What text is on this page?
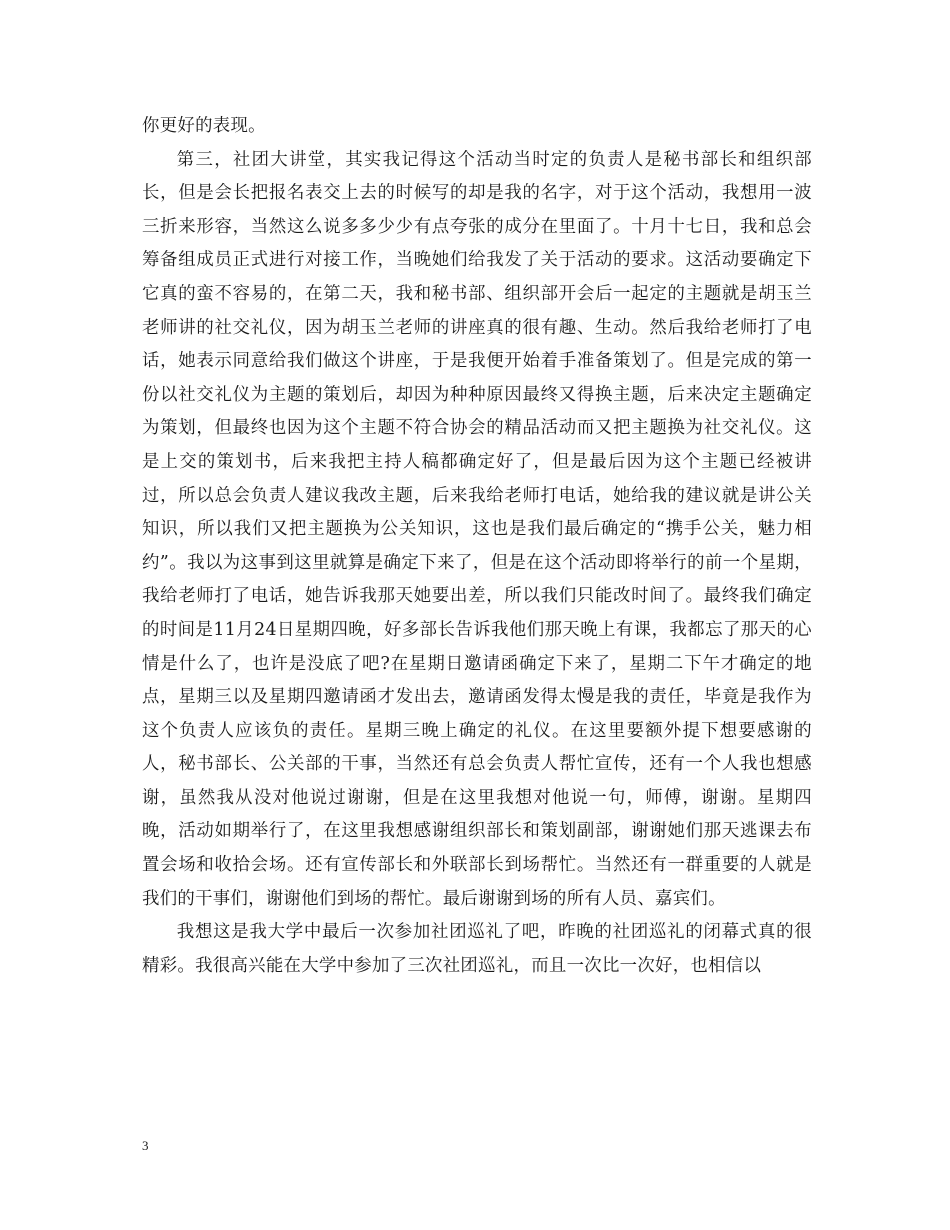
你更好的表现。

第三，社团大讲堂，其实我记得这个活动当时定的负责人是秘书部长和组织部长，但是会长把报名表交上去的时候写的却是我的名字，对于这个活动，我想用一波三折来形容，当然这么说多多少少有点夸张的成分在里面了。十月十七日，我和总会筹备组成员正式进行对接工作，当晚她们给我发了关于活动的要求。这活动要确定下它真的蛮不容易的，在第二天，我和秘书部、组织部开会后一起定的主题就是胡玉兰老师讲的社交礼仪，因为胡玉兰老师的讲座真的很有趣、生动。然后我给老师打了电话，她表示同意给我们做这个讲座，于是我便开始着手准备策划了。但是完成的第一份以社交礼仪为主题的策划后，却因为种种原因最终又得换主题，后来决定主题确定为策划，但最终也因为这个主题不符合协会的精品活动而又把主题换为社交礼仪。这是上交的策划书，后来我把主持人稿都确定好了，但是最后因为这个主题已经被讲过，所以总会负责人建议我改主题，后来我给老师打电话，她给我的建议就是讲公关知识，所以我们又把主题换为公关知识，这也是我们最后确定的“携手公关，魅力相约”。我以为这事到这里就算是确定下来了，但是在这个活动即将举行的前一个星期，我给老师打了电话，她告诉我那天她要出差，所以我们只能改时间了。最终我们确定的时间是11月24日星期四晚，好多部长告诉我他们那天晚上有课，我都忘了那天的心情是什么了，也许是没底了吧?在星期日邀请函确定下来了，星期二下午才确定的地点，星期三以及星期四邀请函才发出去，邀请函发得太慢是我的责任，毕竟是我作为这个负责人应该负的责任。星期三晚上确定的礼仪。在这里要额外提下想要感谢的人，秘书部长、公关部的干事，当然还有总会负责人帮忙宣传，还有一个人我也想感谢，虽然我从没对他说过谢谢，但是在这里我想对他说一句，师傅，谢谢。星期四晚，活动如期举行了，在这里我想感谢组织部长和策划副部，谢谢她们那天逃课去布置会场和收拾会场。还有宣传部长和外联部长到场帮忙。当然还有一群重要的人就是我们的干事们，谢谢他们到场的帮忙。最后谢谢到场的所有人员、嘉宾们。

我想这是我大学中最后一次参加社团巡礼了吧，昨晚的社团巡礼的闭幕式真的很精彩。我很高兴能在大学中参加了三次社团巡礼，而且一次比一次好，也相信以

3
